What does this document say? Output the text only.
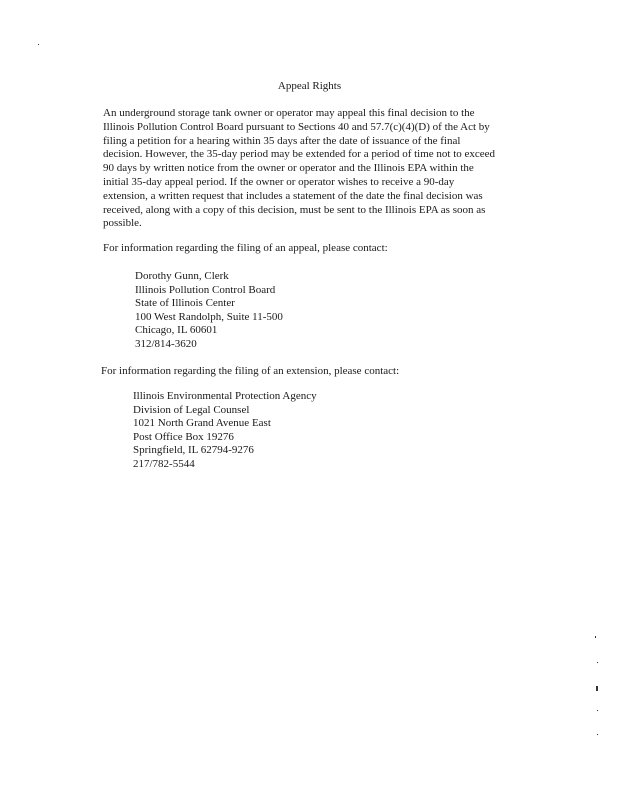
Appeal Rights
An underground storage tank owner or operator may appeal this final decision to the
Illinois Pollution Control Board pursuant to Sections 40 and 57.7(c)(4)(D) of the Act by
filing a petition for a hearing within 35 days after the date of issuance of the final
decision. However, the 35-day period may be extended for a period of time not to exceed
90 days by written notice from the owner or operator and the Illinois EPA within the
initial 35-day appeal period. If the owner or operator wishes to receive a 90-day
extension, a written request that includes a statement of the date the final decision was
received, along with a copy of this decision, must be sent to the Illinois EPA as soon as
possible.
For information regarding the filing of an appeal, please contact:
Dorothy Gunn, Clerk
Illinois Pollution Control Board
State of Illinois Center
100 West Randolph, Suite 11-500
Chicago, IL 60601
312/814-3620
For information regarding the filing of an extension, please contact:
Illinois Environmental Protection Agency
Division of Legal Counsel
1021 North Grand Avenue East
Post Office Box 19276
Springfield, IL 62794-9276
217/782-5544
